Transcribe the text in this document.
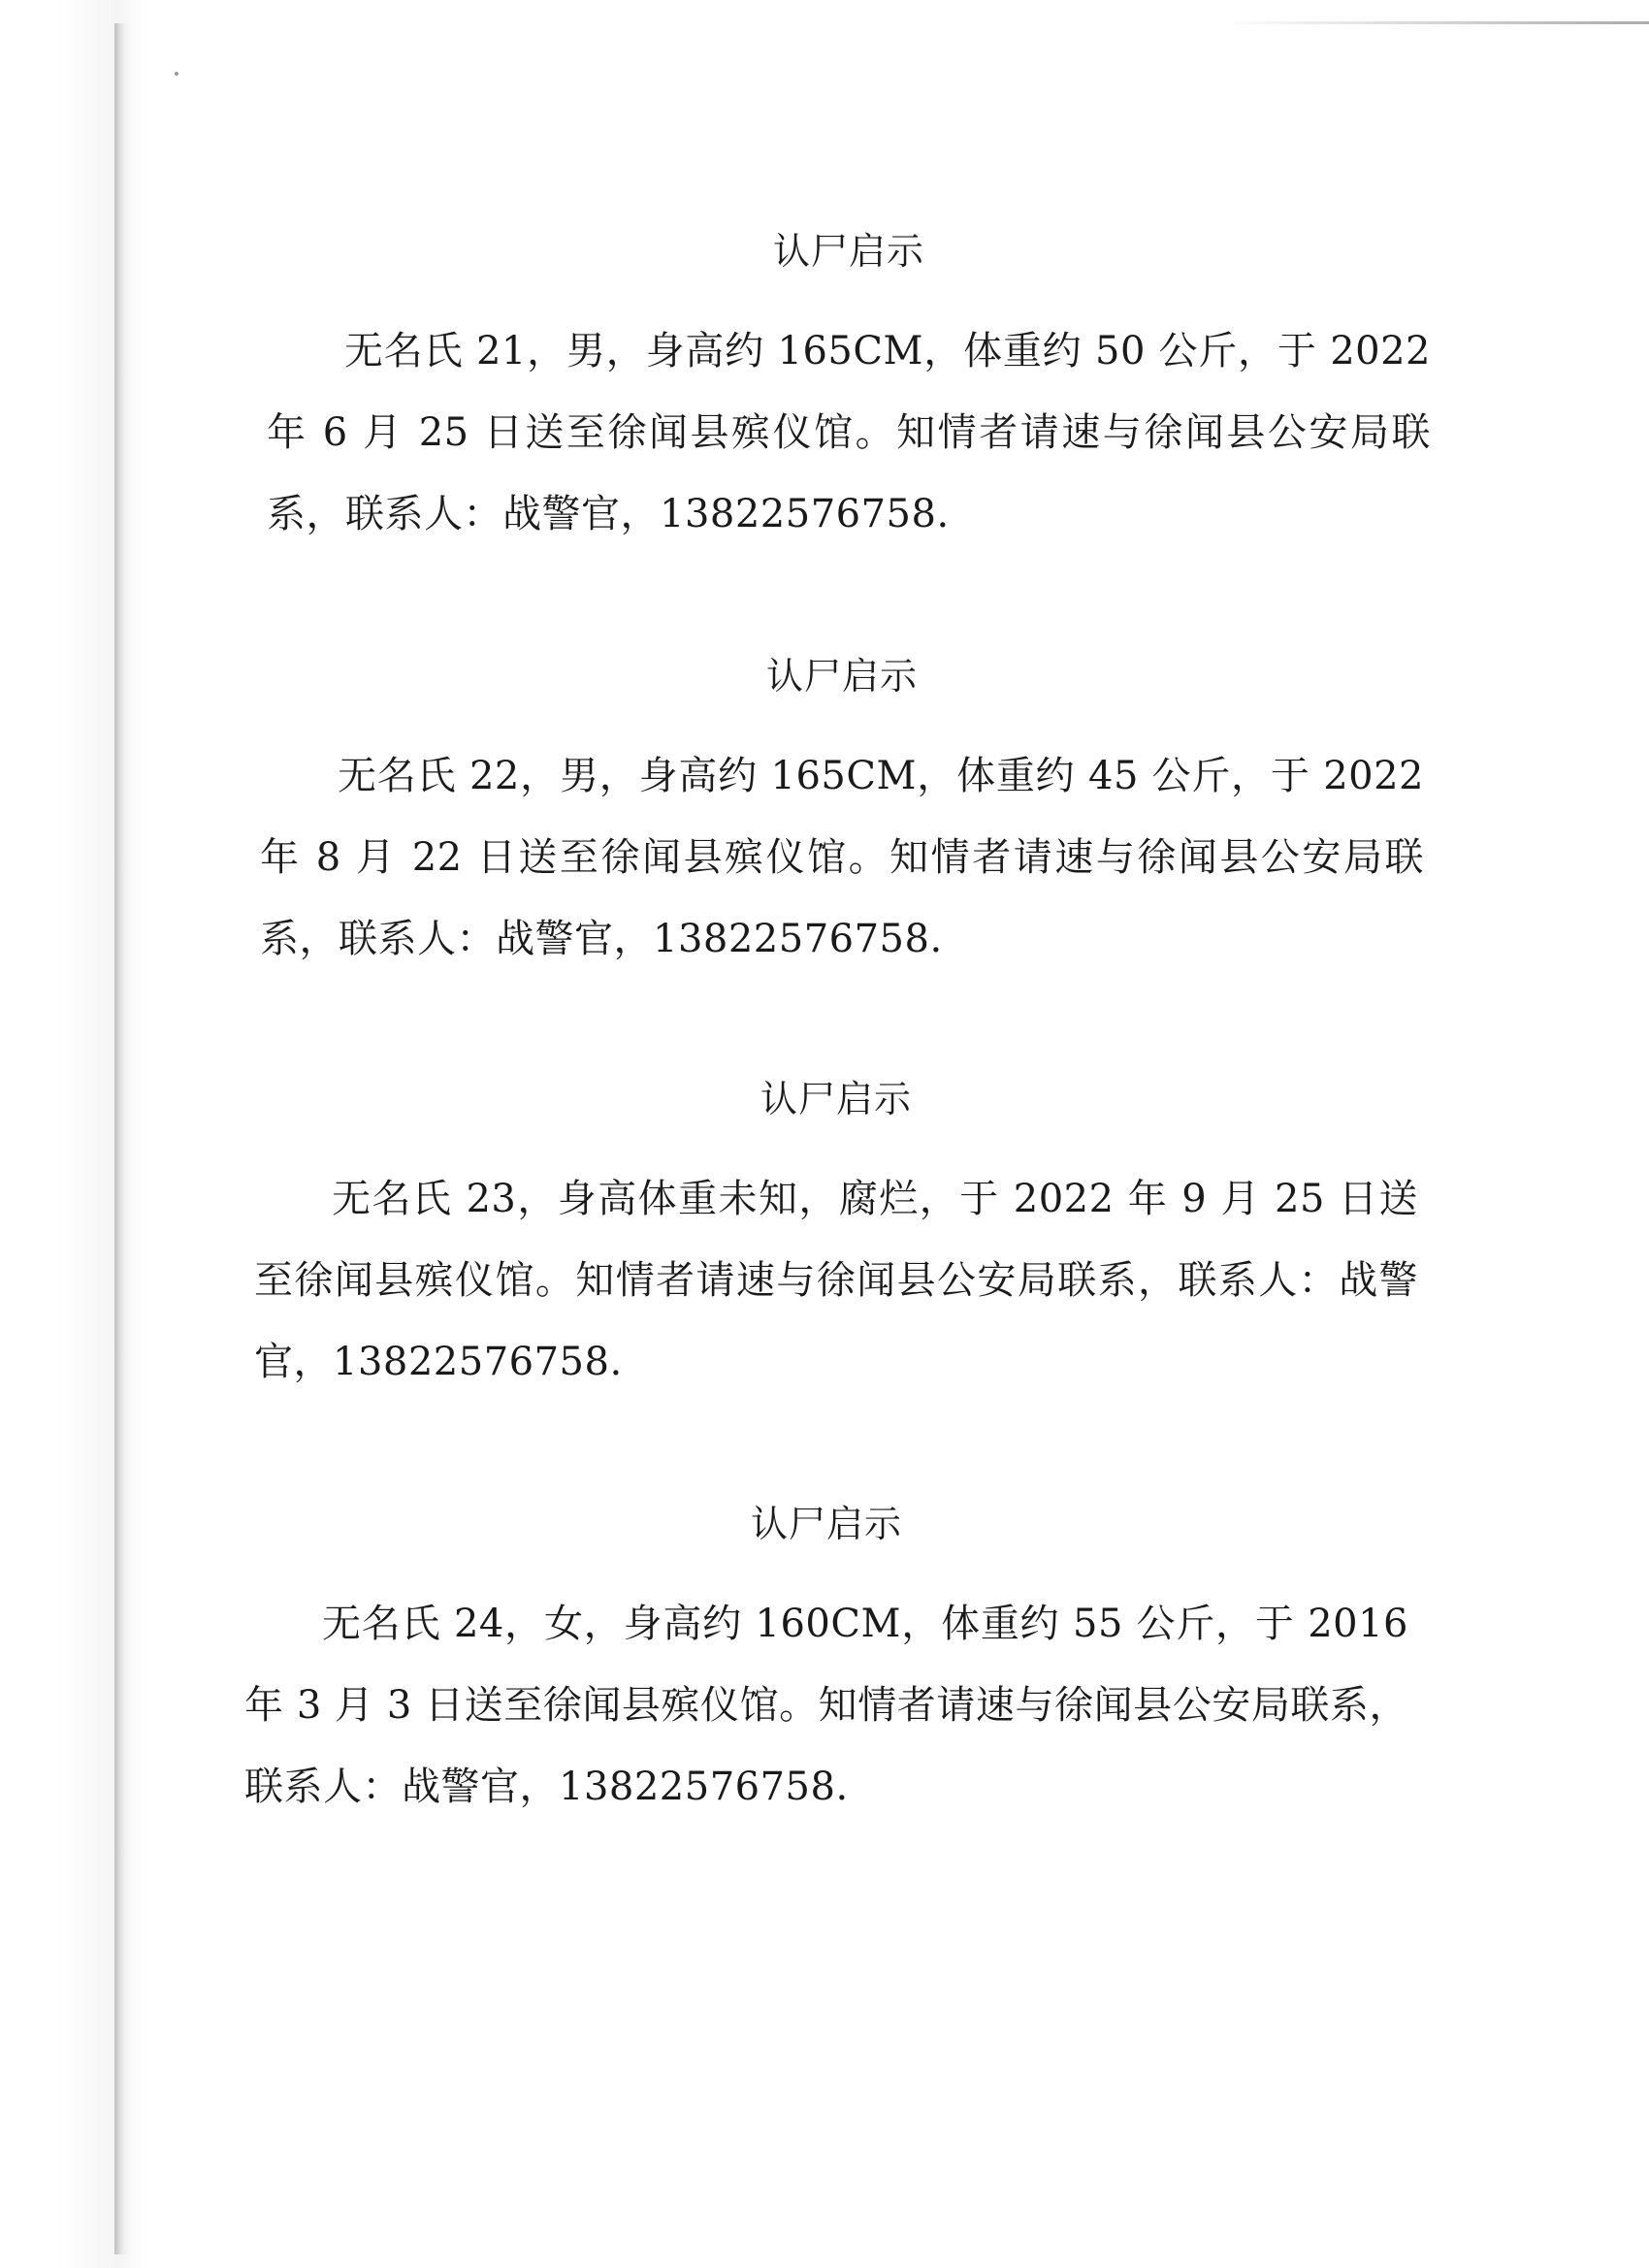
认尸启示
无名氏 21，男，身高约 165CM，体重约 50 公斤，于 2022 年 6 月 25 日送至徐闻县殡仪馆。知情者请速与徐闻县公安局联系，联系人：战警官，13822576758.
认尸启示
无名氏 22，男，身高约 165CM，体重约 45 公斤，于 2022 年 8 月 22 日送至徐闻县殡仪馆。知情者请速与徐闻县公安局联系，联系人：战警官，13822576758.
认尸启示
无名氏 23，身高体重未知，腐烂，于 2022 年 9 月 25 日送至徐闻县殡仪馆。知情者请速与徐闻县公安局联系，联系人：战警官，13822576758.
认尸启示
无名氏 24，女，身高约 160CM，体重约 55 公斤，于 2016 年 3 月 3 日送至徐闻县殡仪馆。知情者请速与徐闻县公安局联系，联系人：战警官，13822576758.
